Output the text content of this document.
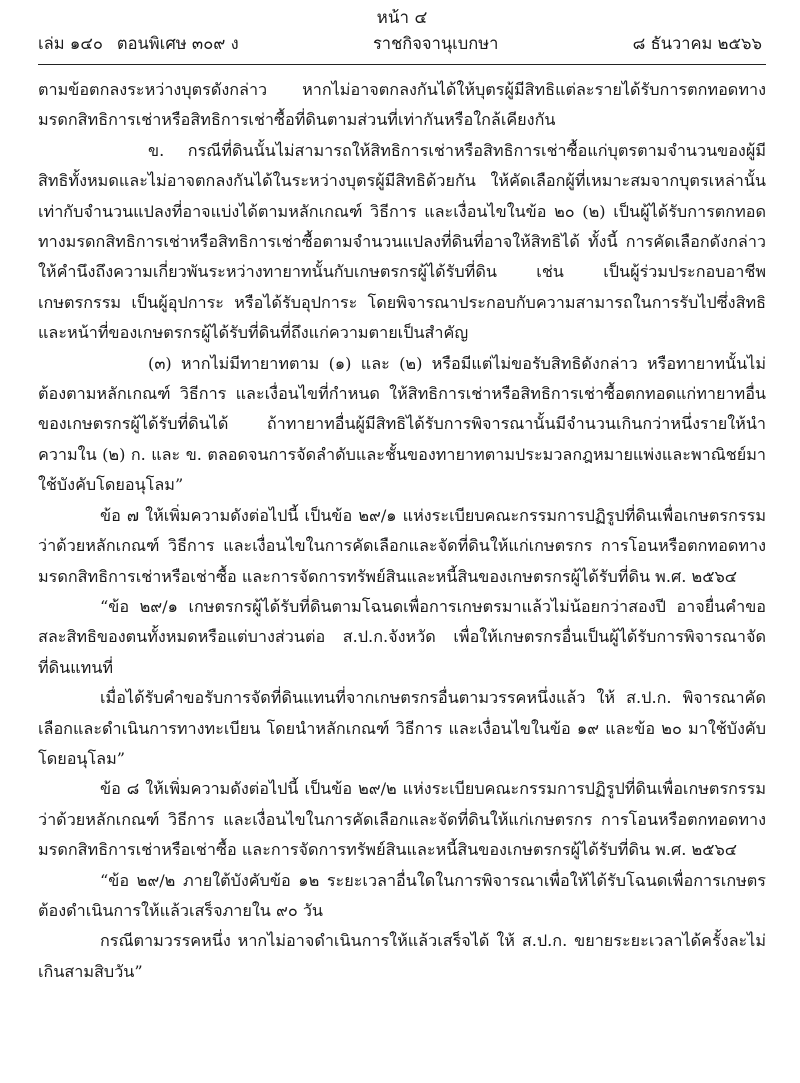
หน้า ๔
เล่ม ๑๔๐ ตอนพิเศษ ๓๐๙ ง	ราชกิจจานุเบกษา	๘ ธันวาคม ๒๕๖๖

ตามข้อตกลงระหว่างบุตรดังกล่าว หากไม่อาจตกลงกันได้ให้บุตรผู้มีสิทธิแต่ละรายได้รับการตกทอดทางมรดกสิทธิการเช่าหรือสิทธิการเช่าซื้อที่ดินตามส่วนที่เท่ากันหรือใกล้เคียงกัน

ข. กรณีที่ดินนั้นไม่สามารถให้สิทธิการเช่าหรือสิทธิการเช่าซื้อแก่บุตรตามจำนวนของผู้มีสิทธิทั้งหมดและไม่อาจตกลงกันได้ในระหว่างบุตรผู้มีสิทธิด้วยกัน ให้คัดเลือกผู้ที่เหมาะสมจากบุตรเหล่านั้นเท่ากับจำนวนแปลงที่อาจแบ่งได้ตามหลักเกณฑ์ วิธีการ และเงื่อนไขในข้อ ๒๐ (๒) เป็นผู้ได้รับการตกทอดทางมรดกสิทธิการเช่าหรือสิทธิการเช่าซื้อตามจำนวนแปลงที่ดินที่อาจให้สิทธิได้ ทั้งนี้ การคัดเลือกดังกล่าวให้คำนึงถึงความเกี่ยวพันระหว่างทายาทนั้นกับเกษตรกรผู้ได้รับที่ดิน เช่น เป็นผู้ร่วมประกอบอาชีพเกษตรกรรม เป็นผู้อุปการะ หรือได้รับอุปการะ โดยพิจารณาประกอบกับความสามารถในการรับไปซึ่งสิทธิและหน้าที่ของเกษตรกรผู้ได้รับที่ดินที่ถึงแก่ความตายเป็นสำคัญ

(๓) หากไม่มีทายาทตาม (๑) และ (๒) หรือมีแต่ไม่ขอรับสิทธิดังกล่าว หรือทายาทนั้นไม่ต้องตามหลักเกณฑ์ วิธีการ และเงื่อนไขที่กำหนด ให้สิทธิการเช่าหรือสิทธิการเช่าซื้อตกทอดแก่ทายาทอื่นของเกษตรกรผู้ได้รับที่ดินได้ ถ้าทายาทอื่นผู้มีสิทธิได้รับการพิจารณานั้นมีจำนวนเกินกว่าหนึ่งรายให้นำความใน (๒) ก. และ ข. ตลอดจนการจัดลำดับและชั้นของทายาทตามประมวลกฎหมายแพ่งและพาณิชย์มาใช้บังคับโดยอนุโลม”

ข้อ ๗ ให้เพิ่มความดังต่อไปนี้ เป็นข้อ ๒๙/๑ แห่งระเบียบคณะกรรมการปฏิรูปที่ดินเพื่อเกษตรกรรม ว่าด้วยหลักเกณฑ์ วิธีการ และเงื่อนไขในการคัดเลือกและจัดที่ดินให้แก่เกษตรกร การโอนหรือตกทอดทางมรดกสิทธิการเช่าหรือเช่าซื้อ และการจัดการทรัพย์สินและหนี้สินของเกษตรกรผู้ได้รับที่ดิน พ.ศ. ๒๕๖๔

“ข้อ ๒๙/๑ เกษตรกรผู้ได้รับที่ดินตามโฉนดเพื่อการเกษตรมาแล้วไม่น้อยกว่าสองปี อาจยื่นคำขอสละสิทธิของตนทั้งหมดหรือแต่บางส่วนต่อ ส.ป.ก.จังหวัด เพื่อให้เกษตรกรอื่นเป็นผู้ได้รับการพิจารณาจัดที่ดินแทนที่

เมื่อได้รับคำขอรับการจัดที่ดินแทนที่จากเกษตรกรอื่นตามวรรคหนึ่งแล้ว ให้ ส.ป.ก. พิจารณาคัดเลือกและดำเนินการทางทะเบียน โดยนำหลักเกณฑ์ วิธีการ และเงื่อนไขในข้อ ๑๙ และข้อ ๒๐ มาใช้บังคับโดยอนุโลม”

ข้อ ๘ ให้เพิ่มความดังต่อไปนี้ เป็นข้อ ๒๙/๒ แห่งระเบียบคณะกรรมการปฏิรูปที่ดินเพื่อเกษตรกรรม ว่าด้วยหลักเกณฑ์ วิธีการ และเงื่อนไขในการคัดเลือกและจัดที่ดินให้แก่เกษตรกร การโอนหรือตกทอดทางมรดกสิทธิการเช่าหรือเช่าซื้อ และการจัดการทรัพย์สินและหนี้สินของเกษตรกรผู้ได้รับที่ดิน พ.ศ. ๒๕๖๔

“ข้อ ๒๙/๒ ภายใต้บังคับข้อ ๑๒ ระยะเวลาอื่นใดในการพิจารณาเพื่อให้ได้รับโฉนดเพื่อการเกษตรต้องดำเนินการให้แล้วเสร็จภายใน ๙๐ วัน

กรณีตามวรรคหนึ่ง หากไม่อาจดำเนินการให้แล้วเสร็จได้ ให้ ส.ป.ก. ขยายระยะเวลาได้ครั้งละไม่เกินสามสิบวัน”
